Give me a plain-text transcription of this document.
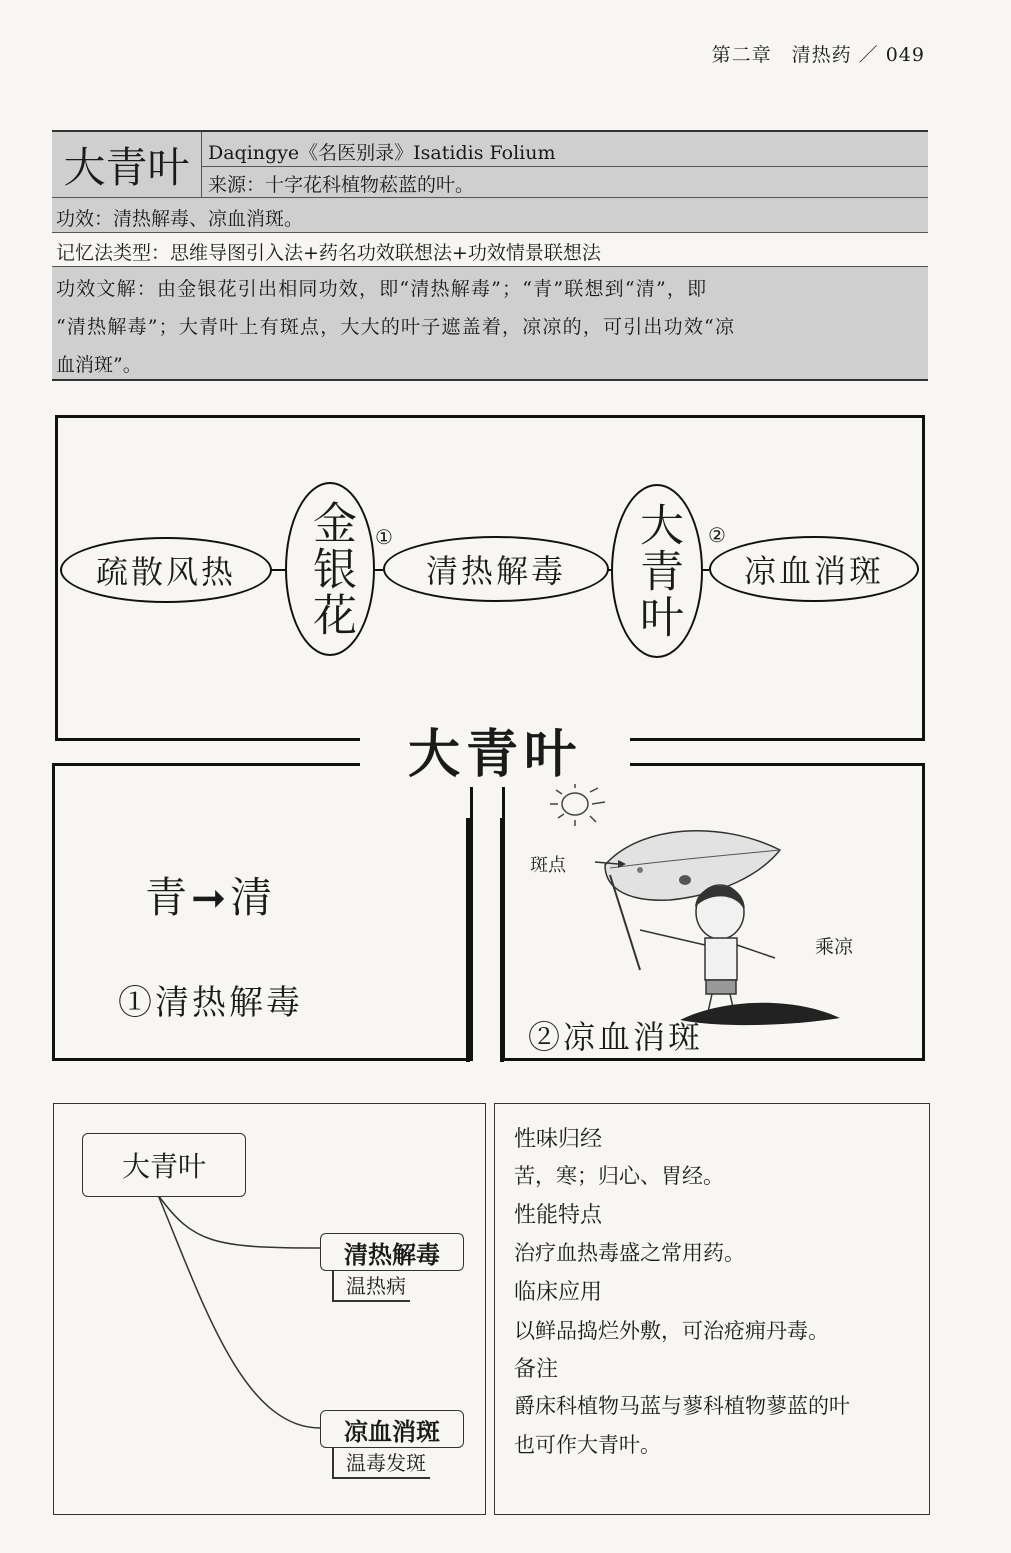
第二章　清热药 ／ 049
大青叶 Daqingye《名医别录》Isatidis Folium
来源：十字花科植物菘蓝的叶。
功效：清热解毒、凉血消斑。
记忆法类型：思维导图引入法+药名功效联想法+功效情景联想法
功效文解：由金银花引出相同功效，即“清热解毒”；“青”联想到“清”，即
“清热解毒”；大青叶上有斑点，大大的叶子遮盖着，凉凉的，可引出功效“凉
血消斑”。
疏散风热	金银花 ①
清热解毒	大青叶	②
凉血消斑
大青叶
青➞清
①清热解毒
斑点
乘凉
②凉血消斑
大青叶
清热解毒
温热病
凉血消斑
温毒发斑
性味归经
苦，寒；归心、胃经。
性能特点
治疗血热毒盛之常用药。
临床应用
以鲜品捣烂外敷，可治疮痈丹毒。
备注
爵床科植物马蓝与蓼科植物蓼蓝的叶
也可作大青叶。
